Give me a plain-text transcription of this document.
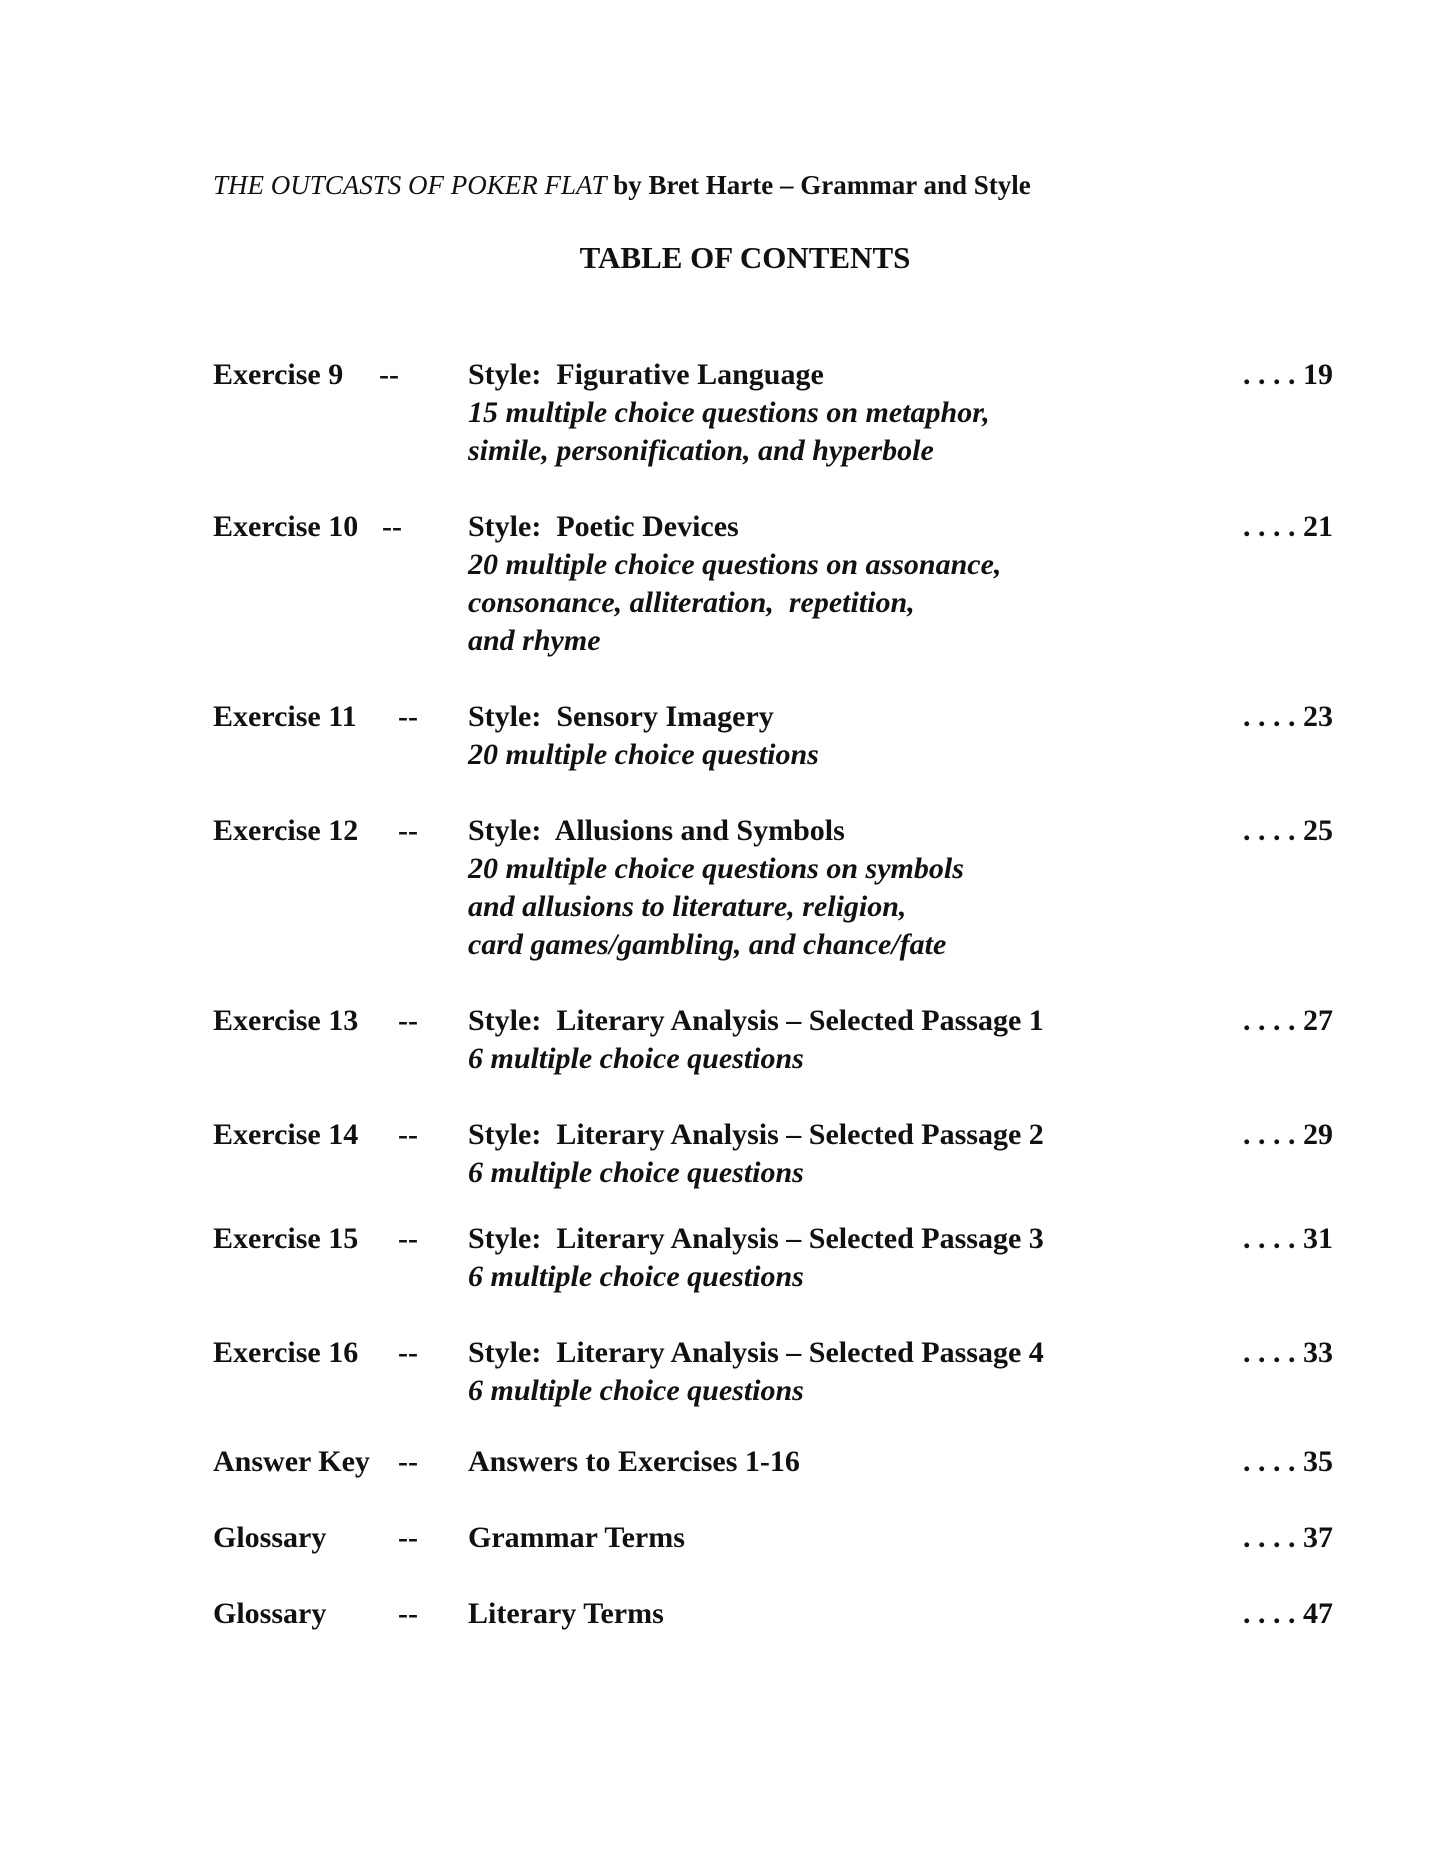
THE OUTCASTS OF POKER FLAT by Bret Harte – Grammar and Style
TABLE OF CONTENTS
Exercise 9 -- Style:  Figurative Language
15 multiple choice questions on metaphor,
simile, personification, and hyperbole
. . . . 19
Exercise 10 -- Style:  Poetic Devices
20 multiple choice questions on assonance,
consonance, alliteration,  repetition,
and rhyme
. . . . 21
Exercise 11 -- Style:  Sensory Imagery
20 multiple choice questions
. . . . 23
Exercise 12 -- Style:  Allusions and Symbols
20 multiple choice questions on symbols
and allusions to literature, religion,
card games/gambling, and chance/fate
. . . . 25
Exercise 13 -- Style:  Literary Analysis – Selected Passage 1
6 multiple choice questions
. . . . 27
Exercise 14 -- Style:  Literary Analysis – Selected Passage 2
6 multiple choice questions
. . . . 29
Exercise 15 -- Style:  Literary Analysis – Selected Passage 3
6 multiple choice questions
. . . . 31
Exercise 16 -- Style:  Literary Analysis – Selected Passage 4
6 multiple choice questions
. . . . 33
Answer Key -- Answers to Exercises 1-16	. . . . 35
Glossary -- Grammar Terms	. . . . 37
Glossary -- Literary Terms	. . . . 47
